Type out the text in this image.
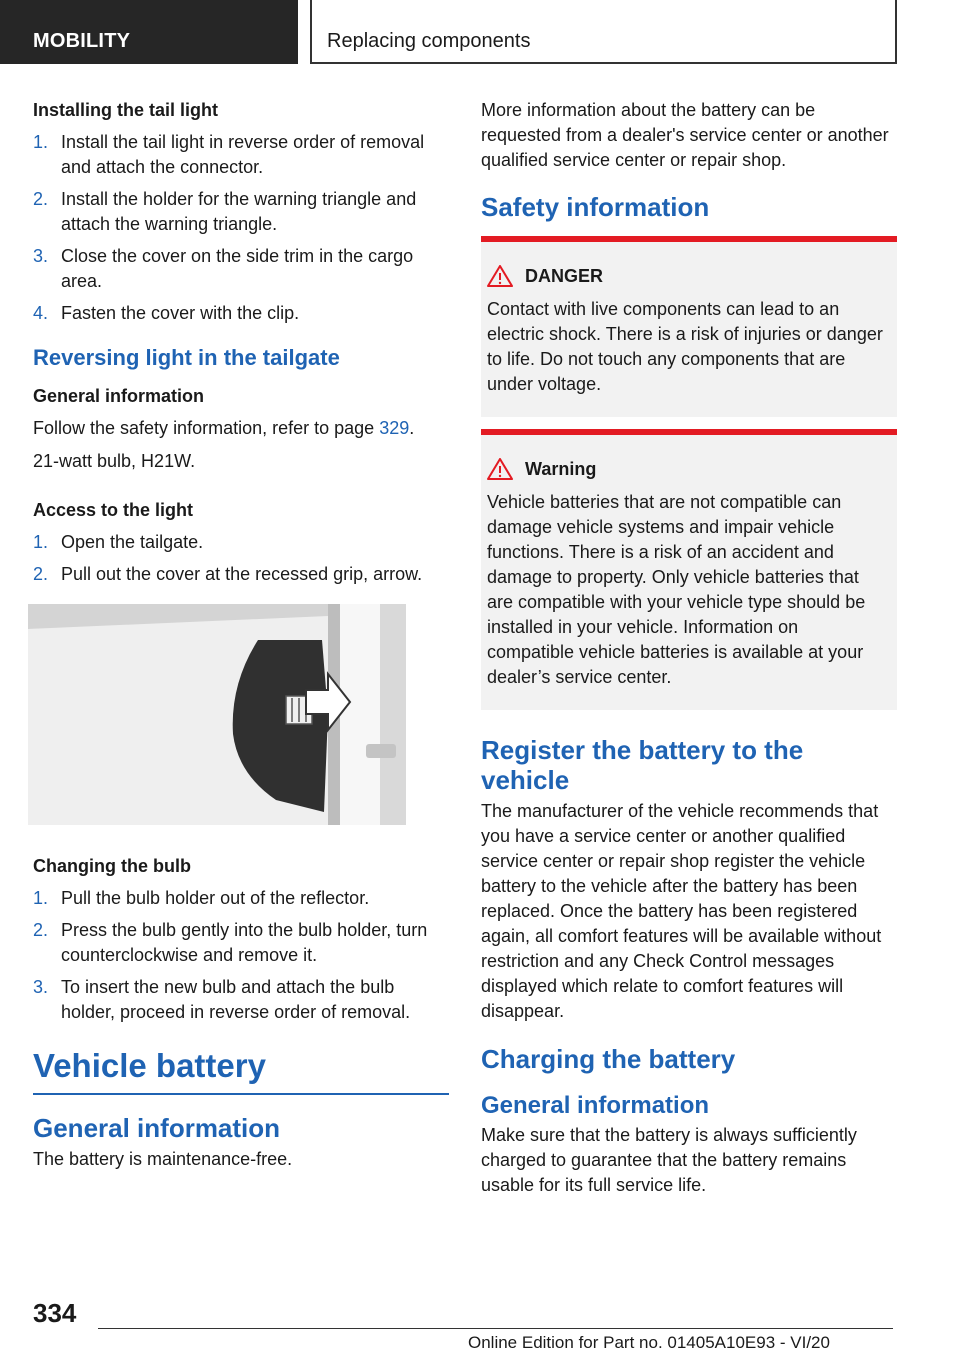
MOBILITY	Replacing components

Installing the tail light

1. Install the tail light in reverse order of removal and attach the connector.

2. Install the holder for the warning triangle and attach the warning triangle.

3. Close the cover on the side trim in the cargo area.

4. Fasten the cover with the clip.

Reversing light in the tailgate

General information

Follow the safety information, refer to page 329.

21-watt bulb, H21W.

Access to the light

1. Open the tailgate.

2. Pull out the cover at the recessed grip, arrow.

Changing the bulb

1. Pull the bulb holder out of the reflector.

2. Press the bulb gently into the bulb holder, turn counterclockwise and remove it.

3. To insert the new bulb and attach the bulb holder, proceed in reverse order of removal.

Vehicle battery

General information

The battery is maintenance-free.

More information about the battery can be requested from a dealer's service center or another qualified service center or repair shop.

Safety information

DANGER

Contact with live components can lead to an electric shock. There is a risk of injuries or danger to life. Do not touch any components that are under voltage.

Warning

Vehicle batteries that are not compatible can damage vehicle systems and impair vehicle functions. There is a risk of an accident and damage to property. Only vehicle batteries that are compatible with your vehicle type should be installed in your vehicle. Information on compatible vehicle batteries is available at your dealer’s service center.

Register the battery to the vehicle

The manufacturer of the vehicle recommends that you have a service center or another qualified service center or repair shop register the vehicle battery to the vehicle after the battery has been replaced. Once the battery has been registered again, all comfort features will be available without restriction and any Check Control messages displayed which relate to comfort features will disappear.

Charging the battery

General information

Make sure that the battery is always sufficiently charged to guarantee that the battery remains usable for its full service life.

334
Online Edition for Part no. 01405A10E93 - VI/20
